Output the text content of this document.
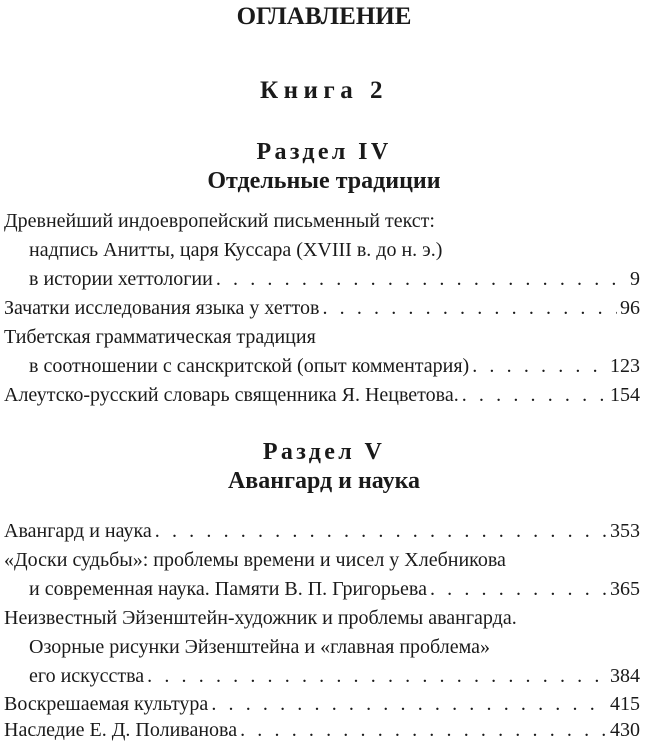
ОГЛАВЛЕНИЕ
Книга 2
Раздел IV
Отдельные традиции
Древнейший индоевропейский письменный текст:
надпись Анитты, царя Куссара (XVIII в. до н. э.)
в истории хеттологии . . .	9
Зачатки исследования языка у хеттов . . .	96
Тибетская грамматическая традиция
в соотношении с санскритской (опыт комментария) . . .	123
Алеутско-русский словарь священника Я. Нецветова. . . .	154
Раздел V
Авангард и наука
Авангард и наука . . .	353
«Доски судьбы»: проблемы времени и чисел у Хлебникова
и современная наука. Памяти В. П. Григорьева . . .	365
Неизвестный Эйзенштейн-художник и проблемы авангарда.
Озорные рисунки Эйзенштейна и «главная проблема»
его искусства . . .	384
Воскрешаемая культура . . .	415
Наследие Е. Д. Поливанова . . .	430
